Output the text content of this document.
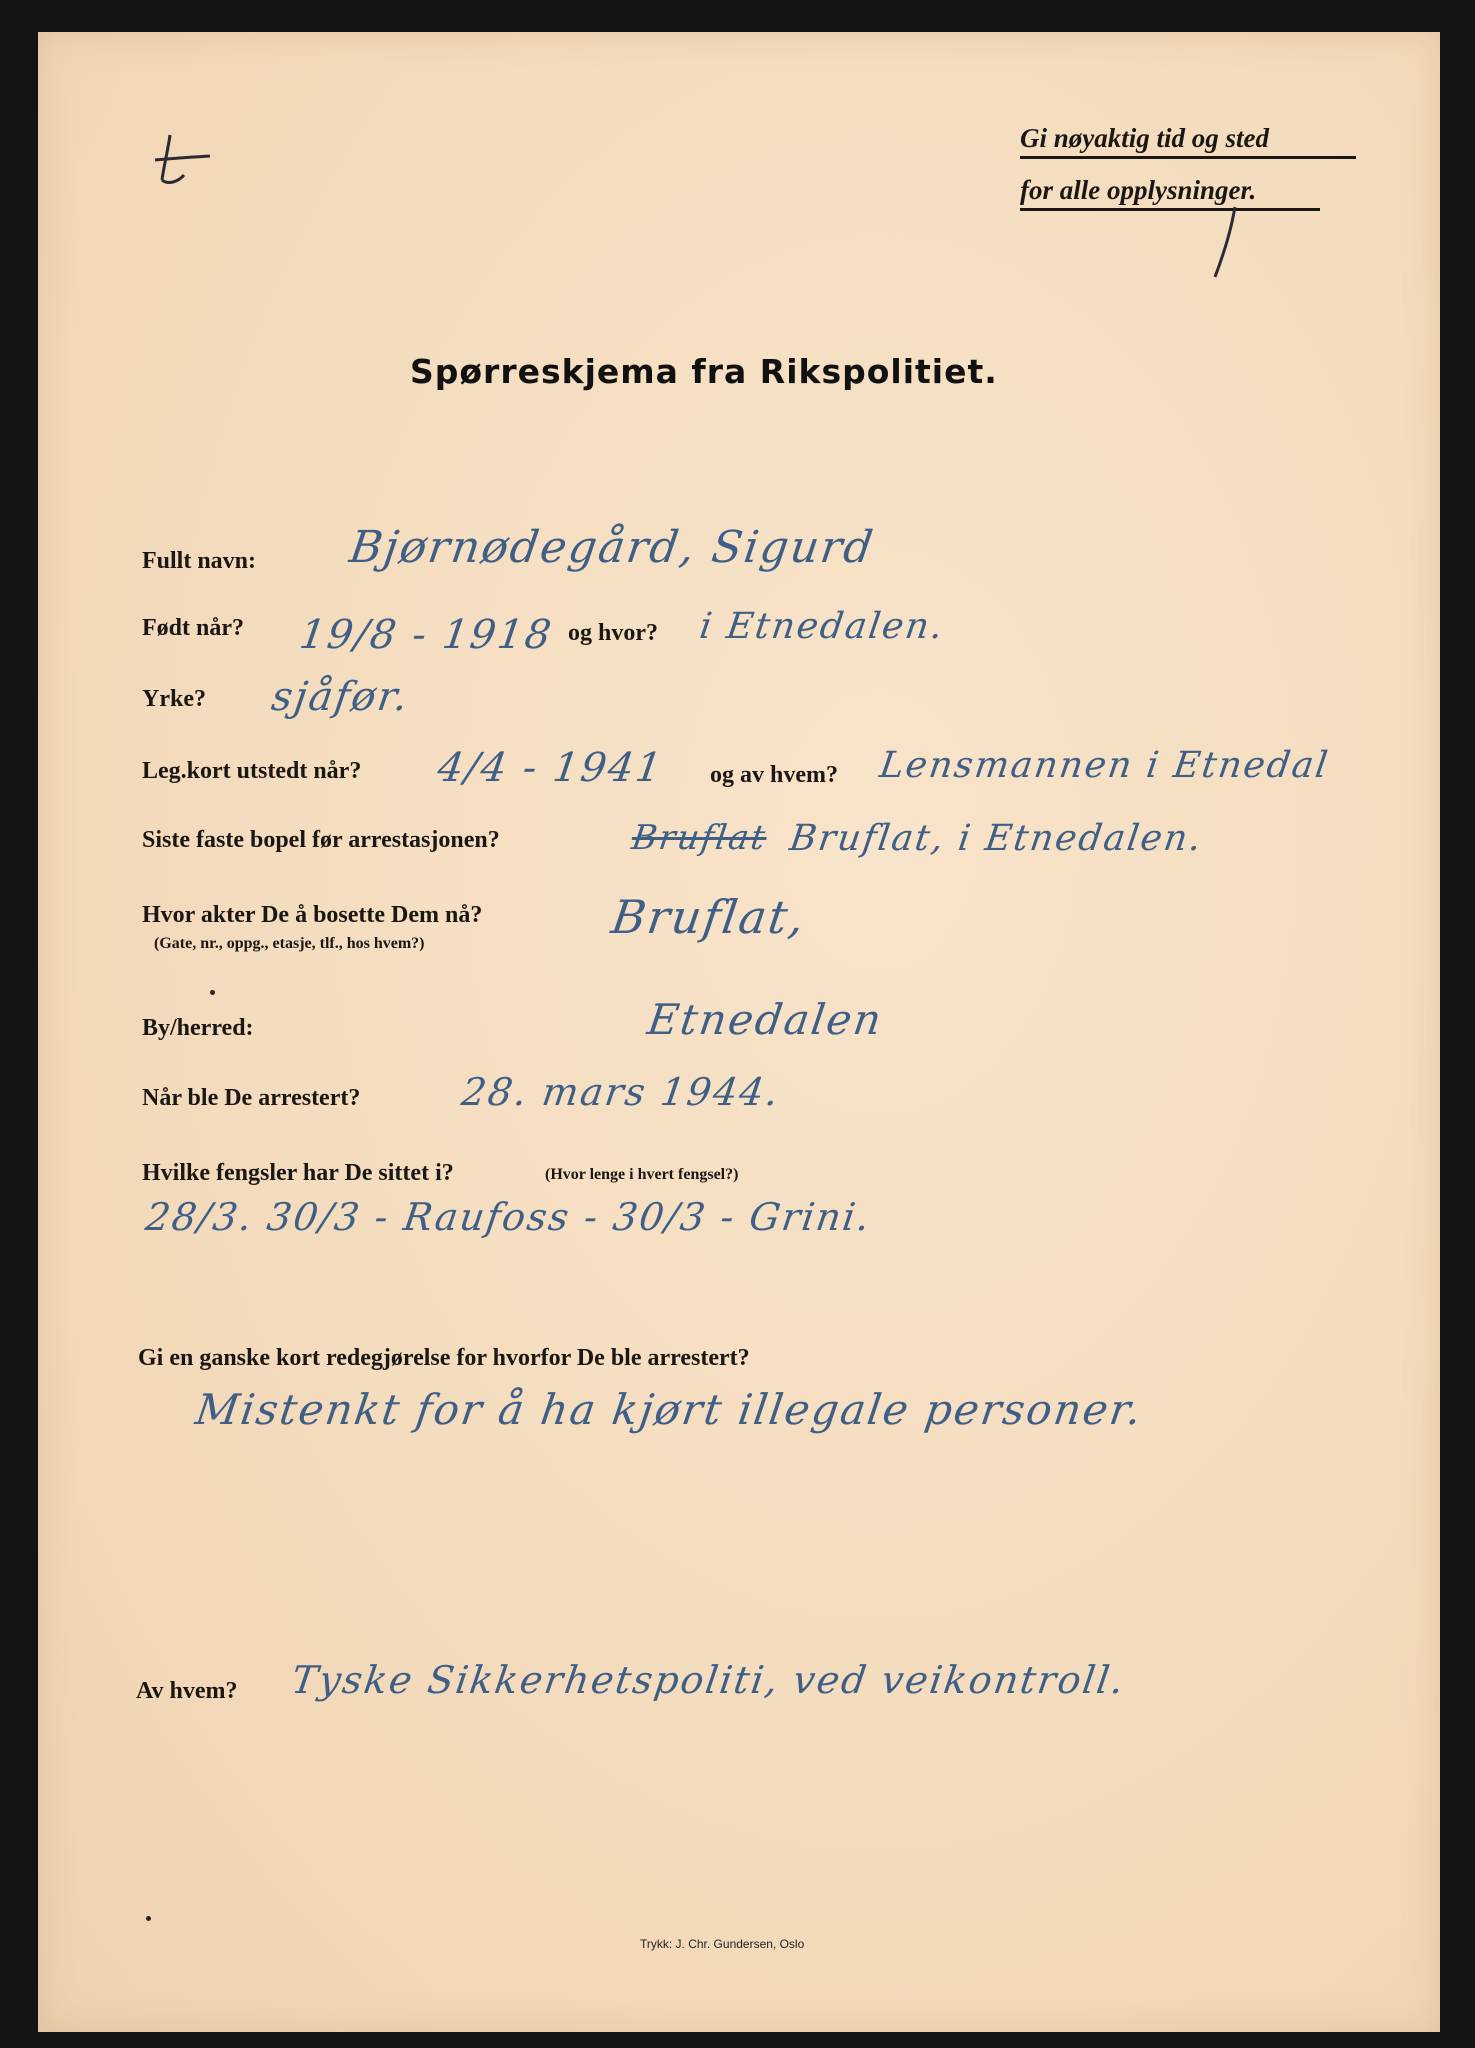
Gi nøyaktig tid og sted
for alle opplysninger.
Spørreskjema fra Rikspolitiet.
Fullt navn: Bjørnødegård, Sigurd
Født når? 19/8 - 1918 og hvor? i Etnedalen.
Yrke? sjåfør.
Leg.kort utstedt når? 4/4 - 1941 og av hvem? Lensmannen i Etnedal
Siste faste bopel før arrestasjonen?	Bruflat Bruflat, i Etnedalen.
Hvor akter De å bosette Dem nå?
(Gate, nr., oppg., etasje, tlf., hos hvem?)	Bruflat,
By/herred:	Etnedalen
Når ble De arrestert?	28. mars 1944.
Hvilke fengsler har De sittet i?	(Hvor lenge i hvert fengsel?)
28/3. 30/3 - Raufoss - 30/3 - Grini.
Gi en ganske kort redegjørelse for hvorfor De ble arrestert?
Mistenkt for å ha kjørt illegale personer.
Av hvem? Tyske Sikkerhetspoliti, ved veikontroll.
Trykk: J. Chr. Gundersen, Oslo
